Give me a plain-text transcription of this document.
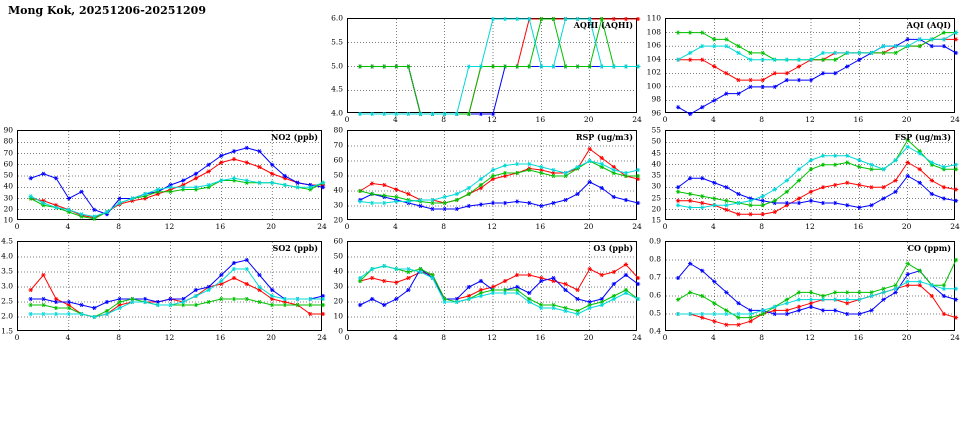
Mong Kok, 20251206-20251209
AQHI (AQHI)
4.0
4.5
5.0
5.5
6.0
0	4	8	12	16	20	24
AQI (AQI)
96
98
100
102
104
106
108
110
0	4	8	12	16	20	24
NO2 (ppb)
10
20
30
40
50
60
70
80
90
0	4	8	12	16	20	24
RSP (ug/m3)
20
30
40
50
60
70
80
0	4	8	12	16	20	24
FSP (ug/m3)
15
20
25
30
35
40
45
50
55
0	4	8	12	16	20	24
SO2 (ppb)
1.5
2.0
2.5
3.0
3.5
4.0
4.5
0	4	8	12	16	20	24
O3 (ppb)
0
10
20
30
40
50
60
0	4	8	12	16	20	24
CO (ppm)
0.4
0.5
0.6
0.7
0.8
0.9
0	4	8	12	16	20	24
